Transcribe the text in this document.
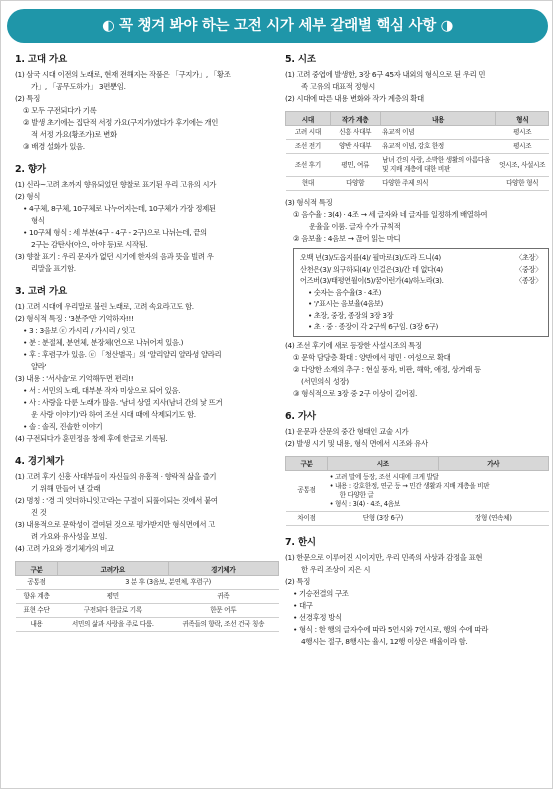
◐ 꼭 챙겨 봐야 하는 고전 시가 세부 갈래별 핵심 사항 ◑
1. 고대 가요
(1) 삼국 시대 이전의 노래로, 현재 전해지는 작품은 「구지가」, 「황조
가」, 「공무도하가」 3편뿐임.
(2) 특징
① 모두 구전되다가 기록
② 발생 초기에는 집단적 서정 가요(구지가)였다가 후기에는 개인
적 서정 가요(황조가)로 변화
③ 배경 설화가 있음.
2. 향가
(1) 신라~고려 초까지 향유되었던 향찰로 표기된 우리 고유의 시가
(2) 형식
• 4구체, 8구체, 10구체로 나누어지는데, 10구체가 가장 정제된
형식
• 10구체 형식 : 세 부분(4구 - 4구 - 2구)으로 나뉘는데, 끝의
2구는 감탄사(아으, 아야 등)로 시작됨.
(3) 향찰 표기 : 우리 문자가 없던 시기에 한자의 음과 뜻을 빌려 우
리말을 표기함.
3. 고려 가요
(1) 고려 시대에 우리말로 불린 노래로, 고려 속요라고도 함.
(2) 형식적 특징 : '3분주'만 기억하자!!!
• 3 : 3음보 ⓔ 가시리 / 가시리 / 잇고
• 분 : 분절체, 분연체, 분장체(연으로 나뉘어져 있음.)
• 후 : 후렴구가 있음. ⓔ 「청산별곡」의 '얄리얄리 얄라셩 얄라리
얄라'
(3) 내용 : '서사솔'로 기억해두면 편리!!
• 서 : 서민의 노래, 대부분 작자 미상으로 되어 있음.
• 사 : 사랑을 다룬 노래가 많음. '남녀 상열 지사(남녀 간의 낯 뜨거
운 사랑 이야기)'라 하여 조선 시대 때에 삭제되기도 함.
• 솔 : 솔직, 진솔한 이야기
(4) 구전되다가 훈민정음 창제 후에 한글로 기록됨.
4. 경기체가
(1) 고려 후기 신흥 사대부들이 자신들의 유흥적 · 향락적 삶을 즐기
기 위해 만들어 낸 갈래
(2) 명칭 : '경 긔 엇더하니잇고'라는 구절이 되풀이되는 것에서 붙여
진 것
(3) 내용적으로 문학성이 결여된 것으로 평가받지만 형식면에서 고
려 가요와 유사성을 보임.
(4) 고려 가요와 경기체가의 비교
구분	고려가요	경기체가
공통점	3 분 후 (3음보, 분연체, 후렴구)	
향유 계층	평민	귀족
표현 수단	구전되다 한글로 기록	한문 어투
내용	서민의 삶과 사랑을 주로 다룸.	귀족들의 향락, 조선 건국 칭송
5. 시조
(1) 고려 중엽에 발생한, 3장 6구 45자 내외의 형식으로 된 우리 민
족 고유의 대표적 정형시
(2) 시대에 따른 내용 변화와 작가 계층의 확대
시대	작가 계층	내용	형식
고려 시대	신흥 사대부	유교적 이념	평시조
조선 전기	양반 사대부	유교적 이념, 강호 한정	평시조
조선 후기	평민, 여류	남녀 간의 사랑, 소박한 생활의 아름다움 및 지배 계층에 대한 비판	엇시조, 사설시조
현대	다양함	다양한 주제 의식	다양한 형식
(3) 형식적 특징
① 음수율 : 3(4) · 4조 → 세 글자와 네 글자를 일정하게 배열하여
운율을 이룸. 글자 수가 규칙적
② 음보율 : 4음보 → 끊어 읽는 마디
오백 년(3)/도읍지를(4)/ 필마로(3)/도라 드니(4)	〈초장〉
산천은(3)/ 의구하되(4)/ 인걸은(3)/간 데 없다(4)	〈중장〉
어즈버(3)/태평연월이(5)/꿈이런가(4)/하노라(3).	〈종장〉
• 숫자는 음수율(3 · 4조)
• '/'표시는 음보율(4음보)
• 초장, 중장, 종장의 3장 3장
• 초 · 중 · 종장이 각 2구씩 6구임. (3장 6구)
(4) 조선 후기에 새로 등장한 사설시조의 특징
① 문학 담당층 확대 : 양반에서 평민 · 여성으로 확대
② 다양한 소재의 추구 : 현실 풍자, 비판, 해학, 애정, 상거래 등
(서민의식 성장)
③ 형식적으로 3장 중 2구 이상이 길어짐.
6. 가사
(1) 운문과 산문의 중간 형태인 교술 시가
(2) 발생 시기 및 내용, 형식 면에서 시조와 유사
구분	시조	가사
공통점	• 고려 말에 등장, 조선 시대에 크게 발달
• 내용 : 강호한정, 연군 등 → 민간 생활과 지배 계층을 비판
한 다양한 글
• 형식 : 3(4) · 4조, 4음보	

차이점	단형 (3장 6구)	장형 (연속체)
7. 한시
(1) 한문으로 이루어진 시이지만, 우리 민족의 사상과 감정을 표현
한 우리 조상이 지은 시
(2) 특징
• 기승전결의 구조
• 대구
• 선경후정 방식
• 형식 : 한 행의 글자수에 따라 5언시와 7언시로, 행의 수에 따라
4행시는 절구, 8행시는 율시, 12행 이상은 배율이라 함.
